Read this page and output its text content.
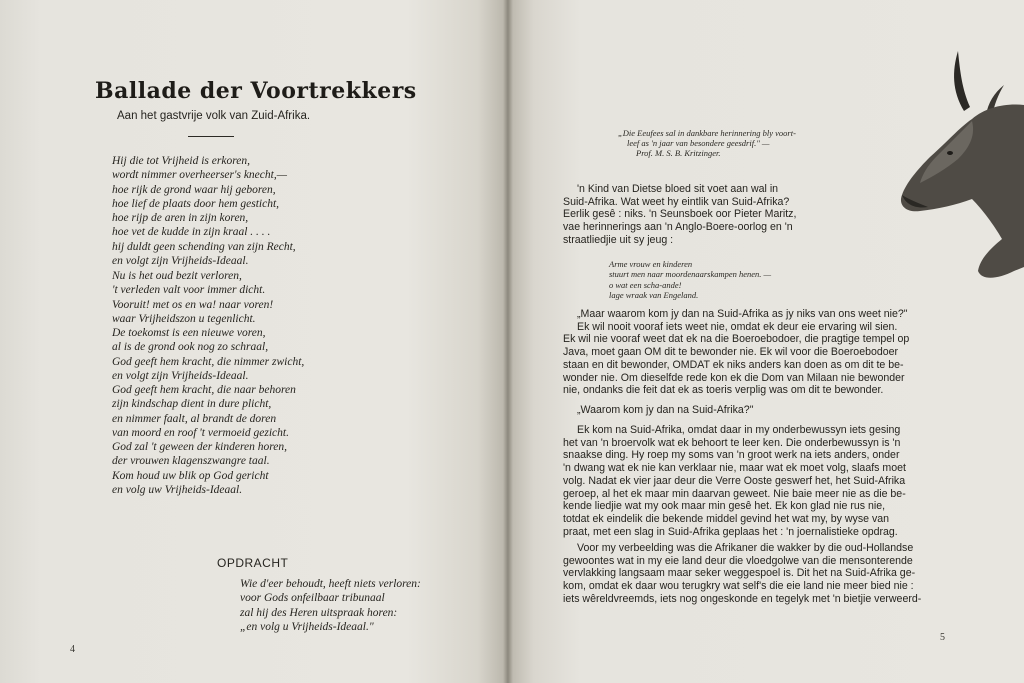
Ballade der Voortrekkers
Aan het gastvrije volk van Zuid-Afrika.
Hij die tot Vrijheid is erkoren,
wordt nimmer overheerser's knecht,—
hoe rijk de grond waar hij geboren,
hoe lief de plaats door hem gesticht,
hoe rijp de aren in zijn koren,
hoe vet de kudde in zijn kraal . . . .
hij duldt geen schending van zijn Recht,
en volgt zijn Vrijheids-Ideaal.
Nu is het oud bezit verloren,
't verleden valt voor immer dicht.
Vooruit! met os en wa! naar voren!
waar Vrijheidszon u tegenlicht.
De toekomst is een nieuwe voren,
al is de grond ook nog zo schraal,
God geeft hem kracht, die nimmer zwicht,
en volgt zijn Vrijheids-Ideaal.
God geeft hem kracht, die naar behoren
zijn kindschap dient in dure plicht,
en nimmer faalt, al brandt de doren
van moord en roof 't vermoeid gezicht.
God zal 't geween der kinderen horen,
der vrouwen klagenszwangre taal.
Kom houd uw blik op God gericht
en volg uw Vrijheids-Ideaal.
OPDRACHT
Wie d'eer behoudt, heeft niets verloren:
voor Gods onfeilbaar tribunaal
zal hij des Heren uitspraak horen:
„en volg u Vrijheids-Ideaal."
4
„Die Eeufees sal in dankbare herinnering bly voort-
leef as 'n jaar van besondere geesdrif." —
Prof. M. S. B. Kritzinger.
'n Kind van Dietse bloed sit voet aan wal in
Suid-Afrika. Wat weet hy eintlik van Suid-Afrika?
Eerlik gesê : niks. 'n Seunsboek oor Pieter Maritz,
vae herinnerings aan 'n Anglo-Boere-oorlog en 'n
straatliedjie uit sy jeug :
Arme vrouw en kinderen
stuurt men naar moordenaarskampen henen. —
o wat een scha-ande!
lage wraak van Engeland.
„Maar waarom kom jy dan na Suid-Afrika as jy niks van ons weet nie?"
Ek wil nooit vooraf iets weet nie, omdat ek deur eie ervaring wil sien.
Ek wil nie vooraf weet dat ek na die Boeroebodoer, die pragtige tempel op
Java, moet gaan OM dit te bewonder nie. Ek wil voor die Boeroebodoer
staan en dit bewonder, OMDAT ek niks anders kan doen as om dit te be-
wonder nie. Om dieselfde rede kon ek die Dom van Milaan nie bewonder
nie, ondanks die feit dat ek as toeris verplig was om dit te bewonder.
„Waarom kom jy dan na Suid-Afrika?"
Ek kom na Suid-Afrika, omdat daar in my onderbewussyn iets gesing
het van 'n broervolk wat ek behoort te leer ken. Die onderbewussyn is 'n
snaakse ding. Hy roep my soms van 'n groot werk na iets anders, onder
'n dwang wat ek nie kan verklaar nie, maar wat ek moet volg, slaafs moet
volg. Nadat ek vier jaar deur die Verre Ooste geswerf het, het Suid-Afrika
geroep, al het ek maar min daarvan geweet. Nie baie meer nie as die be-
kende liedjie wat my ook maar min gesê het. Ek kon glad nie rus nie,
totdat ek eindelik die bekende middel gevind het wat my, by wyse van
praat, met een slag in Suid-Afrika geplaas het : 'n joernalistieke opdrag.
Voor my verbeelding was die Afrikaner die wakker by die oud-Hollandse
gewoontes wat in my eie land deur die vloedgolwe van die mensonterende
vervlakking langsaam maar seker weggespoel is. Dit het na Suid-Afrika ge-
kom, omdat ek daar wou terugkry wat self's die eie land nie meer bied nie :
iets wêreldvreemds, iets nog ongeskonde en tegelyk met 'n bietjie verweerd-
5
